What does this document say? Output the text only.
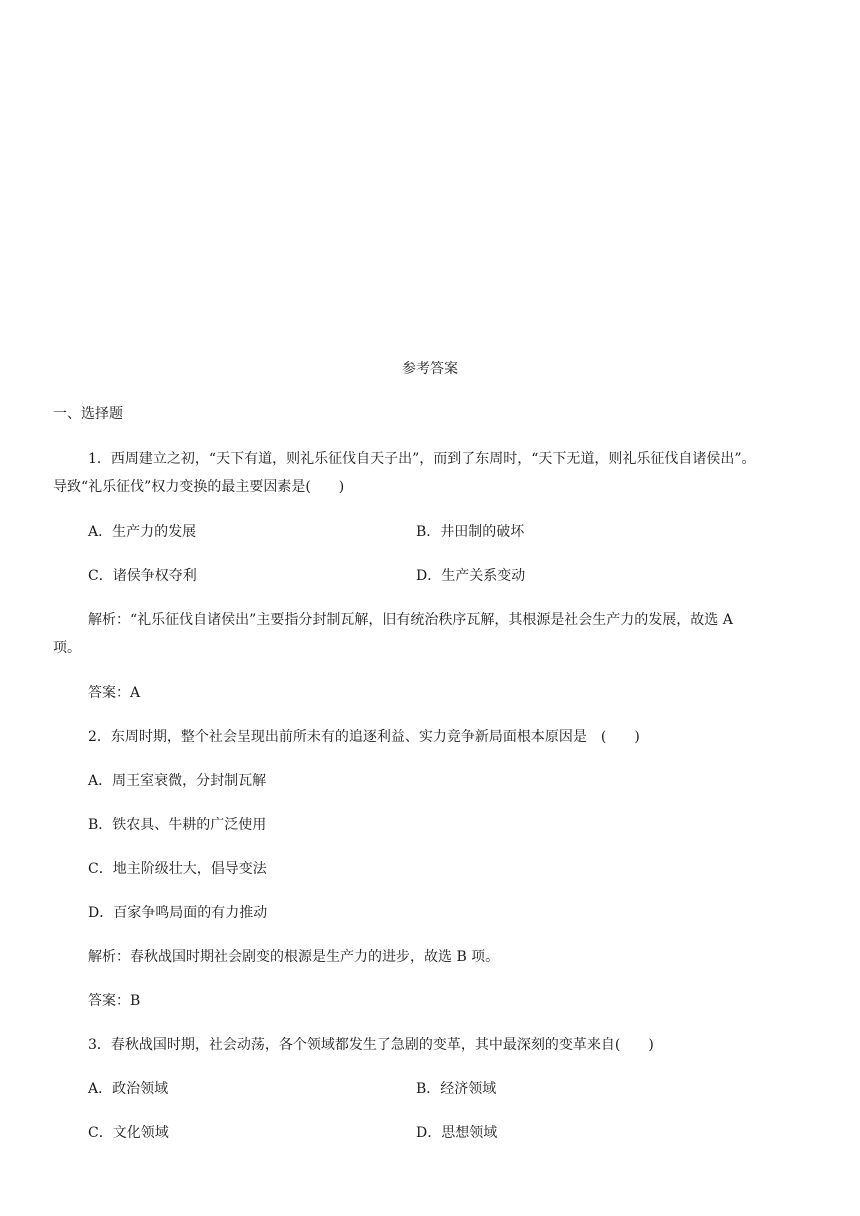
参考答案
一、选择题
1．西周建立之初，“天下有道，则礼乐征伐自天子出”，而到了东周时，“天下无道，则礼乐征伐自诸侯出”。
导致“礼乐征伐”权力变换的最主要因素是(　　)
A．生产力的发展	B．井田制的破坏
C．诸侯争权夺利	D．生产关系变动
解析：“礼乐征伐自诸侯出”主要指分封制瓦解，旧有统治秩序瓦解，其根源是社会生产力的发展，故选 A
项。
答案：A
2．东周时期，整个社会呈现出前所未有的追逐利益、实力竞争新局面根本原因是　(　　)
A．周王室衰微，分封制瓦解
B．铁农具、牛耕的广泛使用
C．地主阶级壮大，倡导变法
D．百家争鸣局面的有力推动
解析：春秋战国时期社会剧变的根源是生产力的进步，故选 B 项。
答案：B
3．春秋战国时期，社会动荡，各个领域都发生了急剧的变革，其中最深刻的变革来自(　　)
A．政治领域	B．经济领域
C．文化领域	D．思想领域
